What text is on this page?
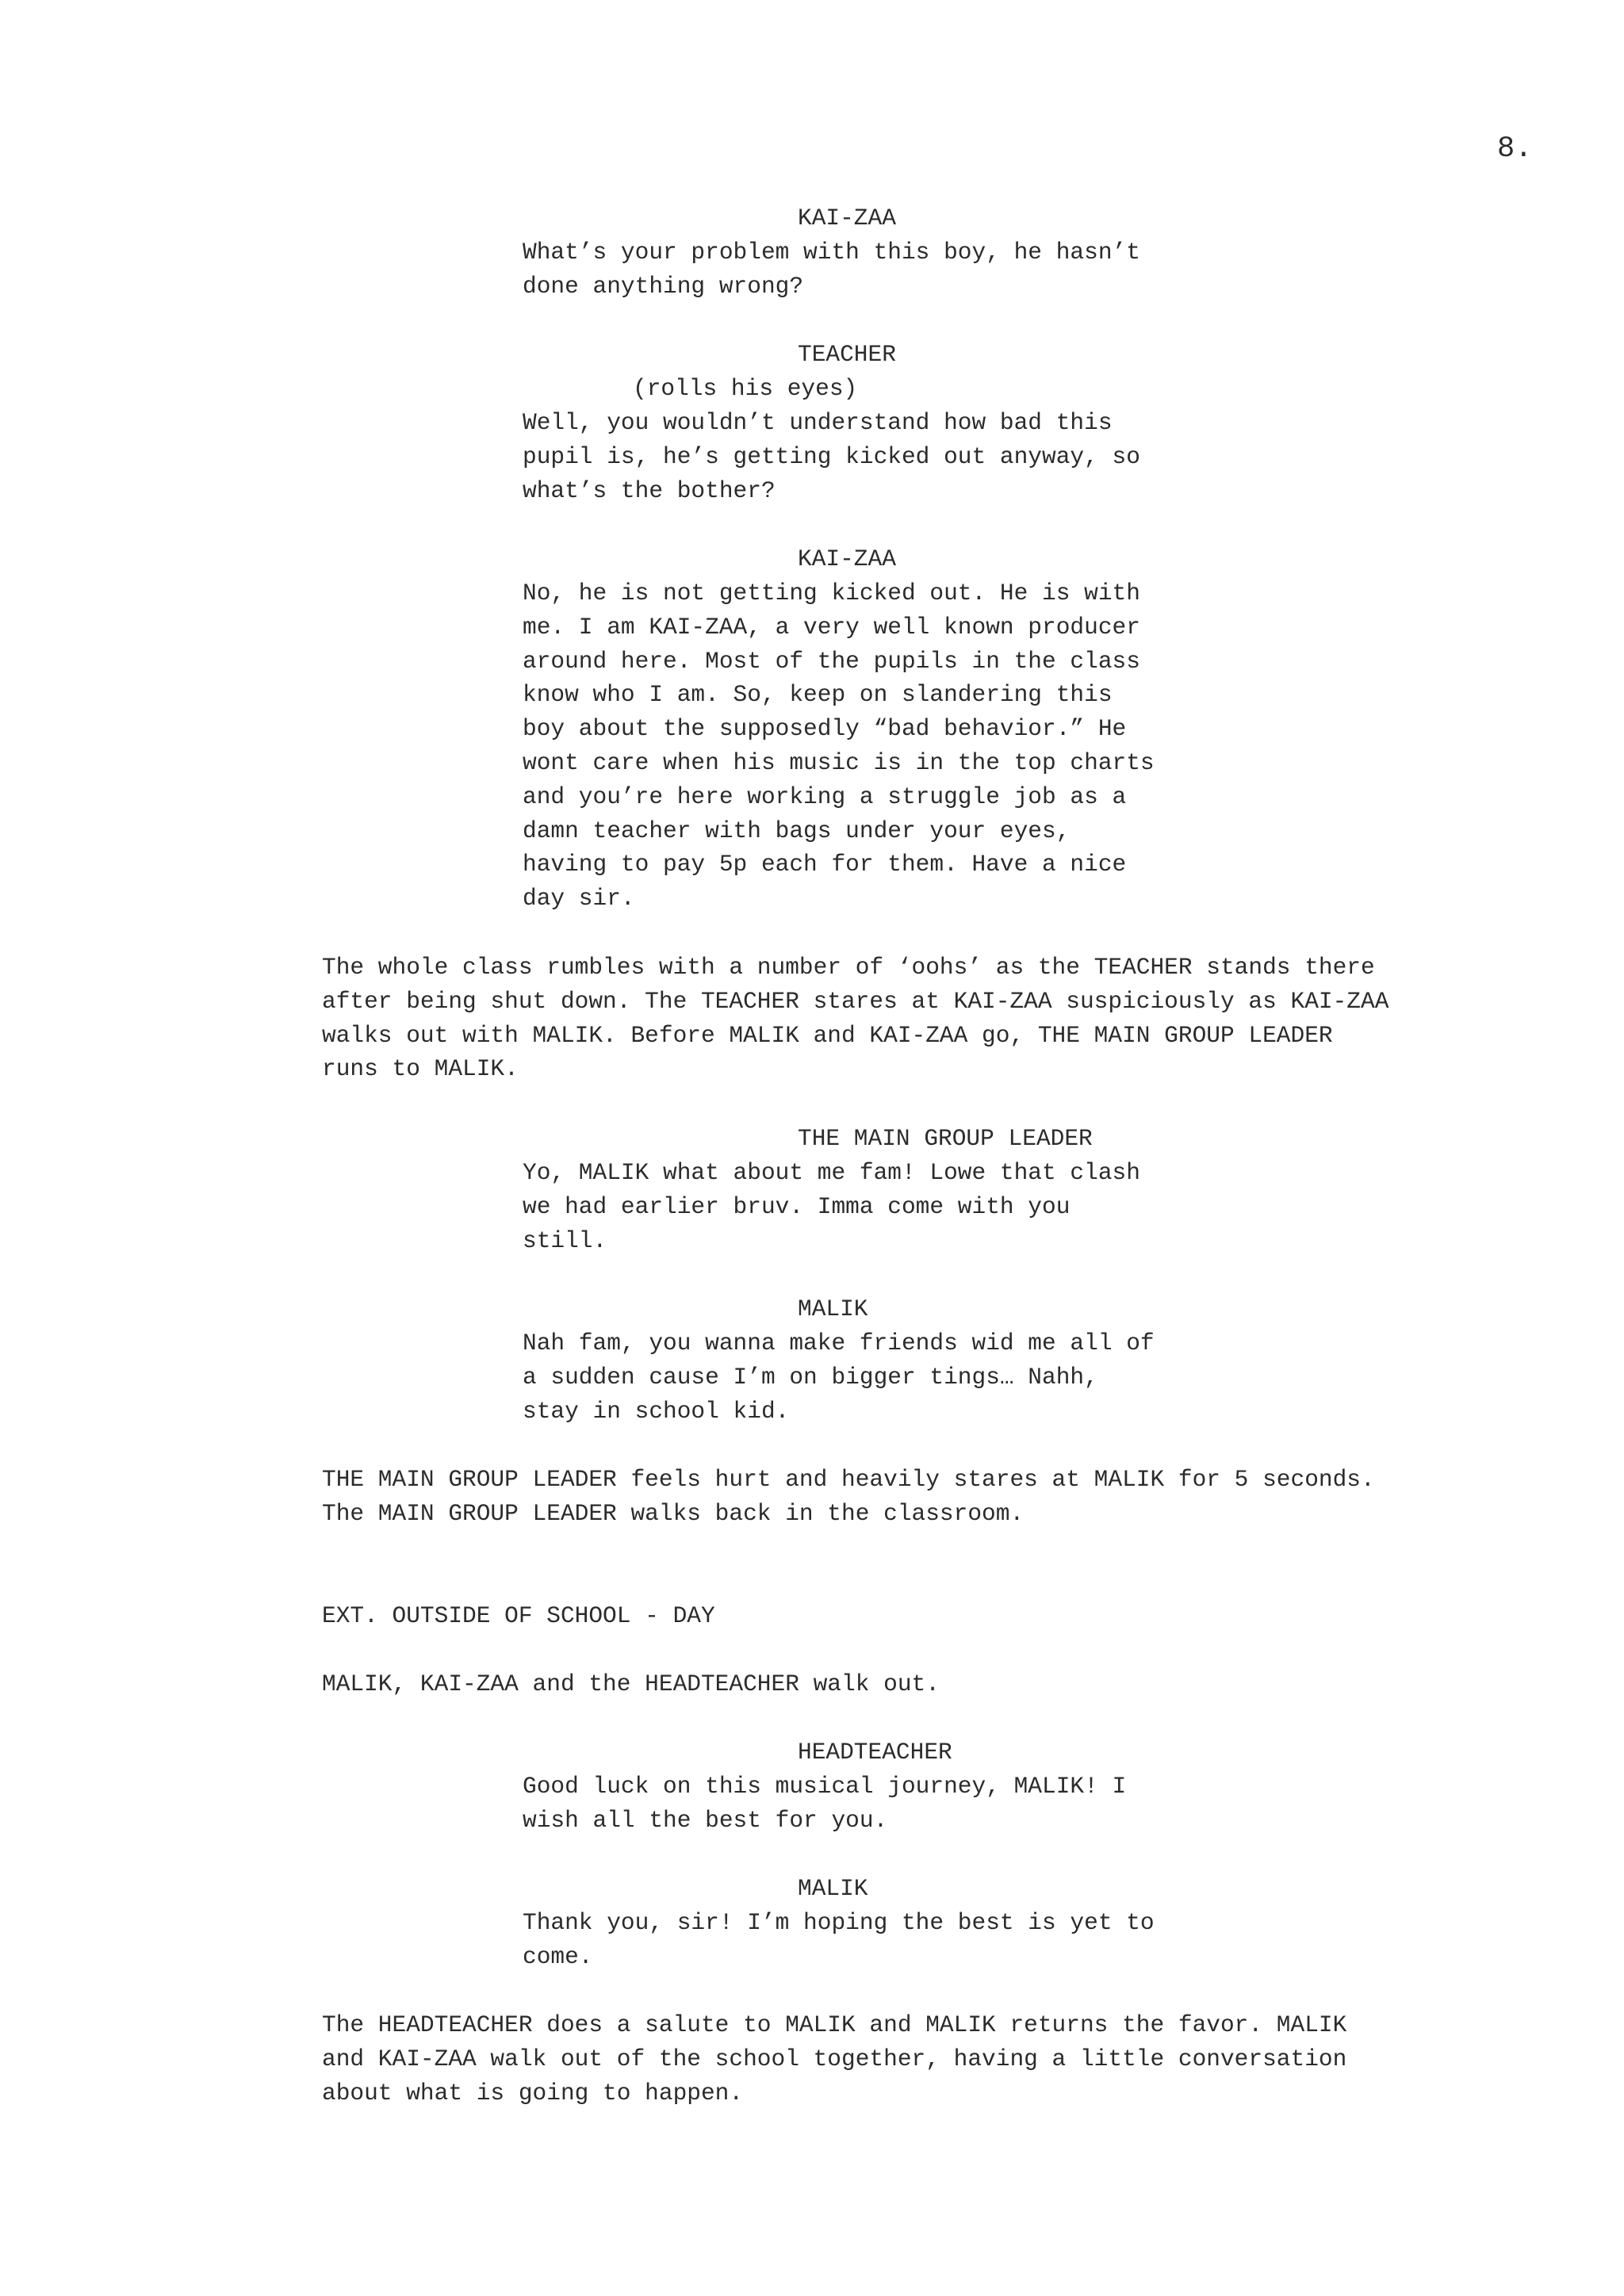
8.
KAI-ZAA
What’s your problem with this boy, he hasn’t
done anything wrong?
TEACHER
(rolls his eyes)
Well, you wouldn’t understand how bad this
pupil is, he’s getting kicked out anyway, so
what’s the bother?
KAI-ZAA
No, he is not getting kicked out. He is with
me. I am KAI-ZAA, a very well known producer
around here. Most of the pupils in the class
know who I am. So, keep on slandering this
boy about the supposedly “bad behavior.” He
wont care when his music is in the top charts
and you’re here working a struggle job as a
damn teacher with bags under your eyes,
having to pay 5p each for them. Have a nice
day sir.
The whole class rumbles with a number of ‘oohs’ as the TEACHER stands there
after being shut down. The TEACHER stares at KAI-ZAA suspiciously as KAI-ZAA
walks out with MALIK. Before MALIK and KAI-ZAA go, THE MAIN GROUP LEADER
runs to MALIK.
THE MAIN GROUP LEADER
Yo, MALIK what about me fam! Lowe that clash
we had earlier bruv. Imma come with you
still.
MALIK
Nah fam, you wanna make friends wid me all of
a sudden cause I’m on bigger tings… Nahh,
stay in school kid.
THE MAIN GROUP LEADER feels hurt and heavily stares at MALIK for 5 seconds.
The MAIN GROUP LEADER walks back in the classroom.
EXT. OUTSIDE OF SCHOOL - DAY
MALIK, KAI-ZAA and the HEADTEACHER walk out.
HEADTEACHER
Good luck on this musical journey, MALIK! I
wish all the best for you.
MALIK
Thank you, sir! I’m hoping the best is yet to
come.
The HEADTEACHER does a salute to MALIK and MALIK returns the favor. MALIK
and KAI-ZAA walk out of the school together, having a little conversation
about what is going to happen.
